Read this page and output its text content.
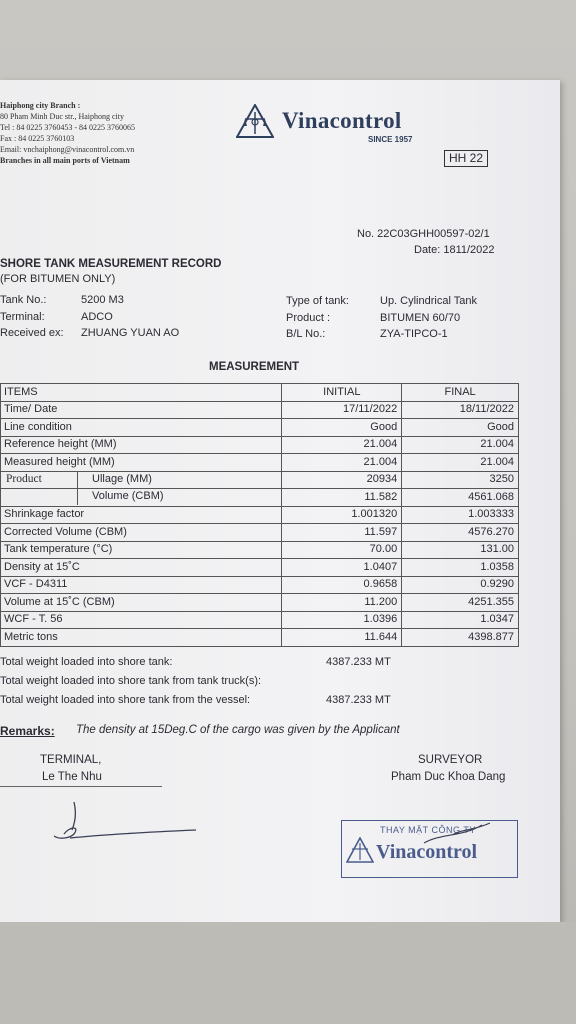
Haiphong city Branch :
80 Pham Minh Duc str., Haiphong city
Tel : 84 0225 3760453 - 84 0225 3760065
Fax : 84 0225 3760103
Email: vnchaiphong@vinacontrol.com.vn
Branches in all main ports of Vietnam
Vinacontrol
SINCE 1957
HH 22
No. 22C03GHH00597-02/1
Date: 1811/2022
SHORE TANK MEASUREMENT RECORD
(FOR BITUMEN ONLY)
Tank No.:	5200 M3
Terminal:	ADCO
Received ex: ZHUANG YUAN AO
Type of tank:	Up. Cylindrical Tank
Product :	BITUMEN 60/70
B/L No.:	ZYA-TIPCO-1
MEASUREMENT
ITEMS	INITIAL	FINAL
Time/ Date	17/11/2022	18/11/2022
Line condition	Good	Good
Reference height (MM)	21.004	21.004
Measured height (MM)	21.004	21.004

Product Ullage (MM)	20934	3250

Volume (CBM)	11.582	4561.068
Shrinkage factor	1.001320	1.003333
Corrected Volume (CBM)	11.597	4576.270
Tank temperature (°C)	70.00	131.00
Density at 15˚C	1.0407	1.0358
VCF - D4311	0.9658	0.9290
Volume at 15˚C (CBM)	11.200	4251.355
WCF - T. 56	1.0396	1.0347
Metric tons	11.644	4398.877
Total weight loaded into shore tank:	4387.233 MT
Total weight loaded into shore tank from tank truck(s):
Total weight loaded into shore tank from the vessel:	4387.233 MT
Remarks: The density at 15Deg.C of the cargo was given by the Applicant
TERMINAL,
Le The Nhu
SURVEYOR
Pham Duc Khoa Dang
THAY MẶT CÔNG TY
Vinacontrol
